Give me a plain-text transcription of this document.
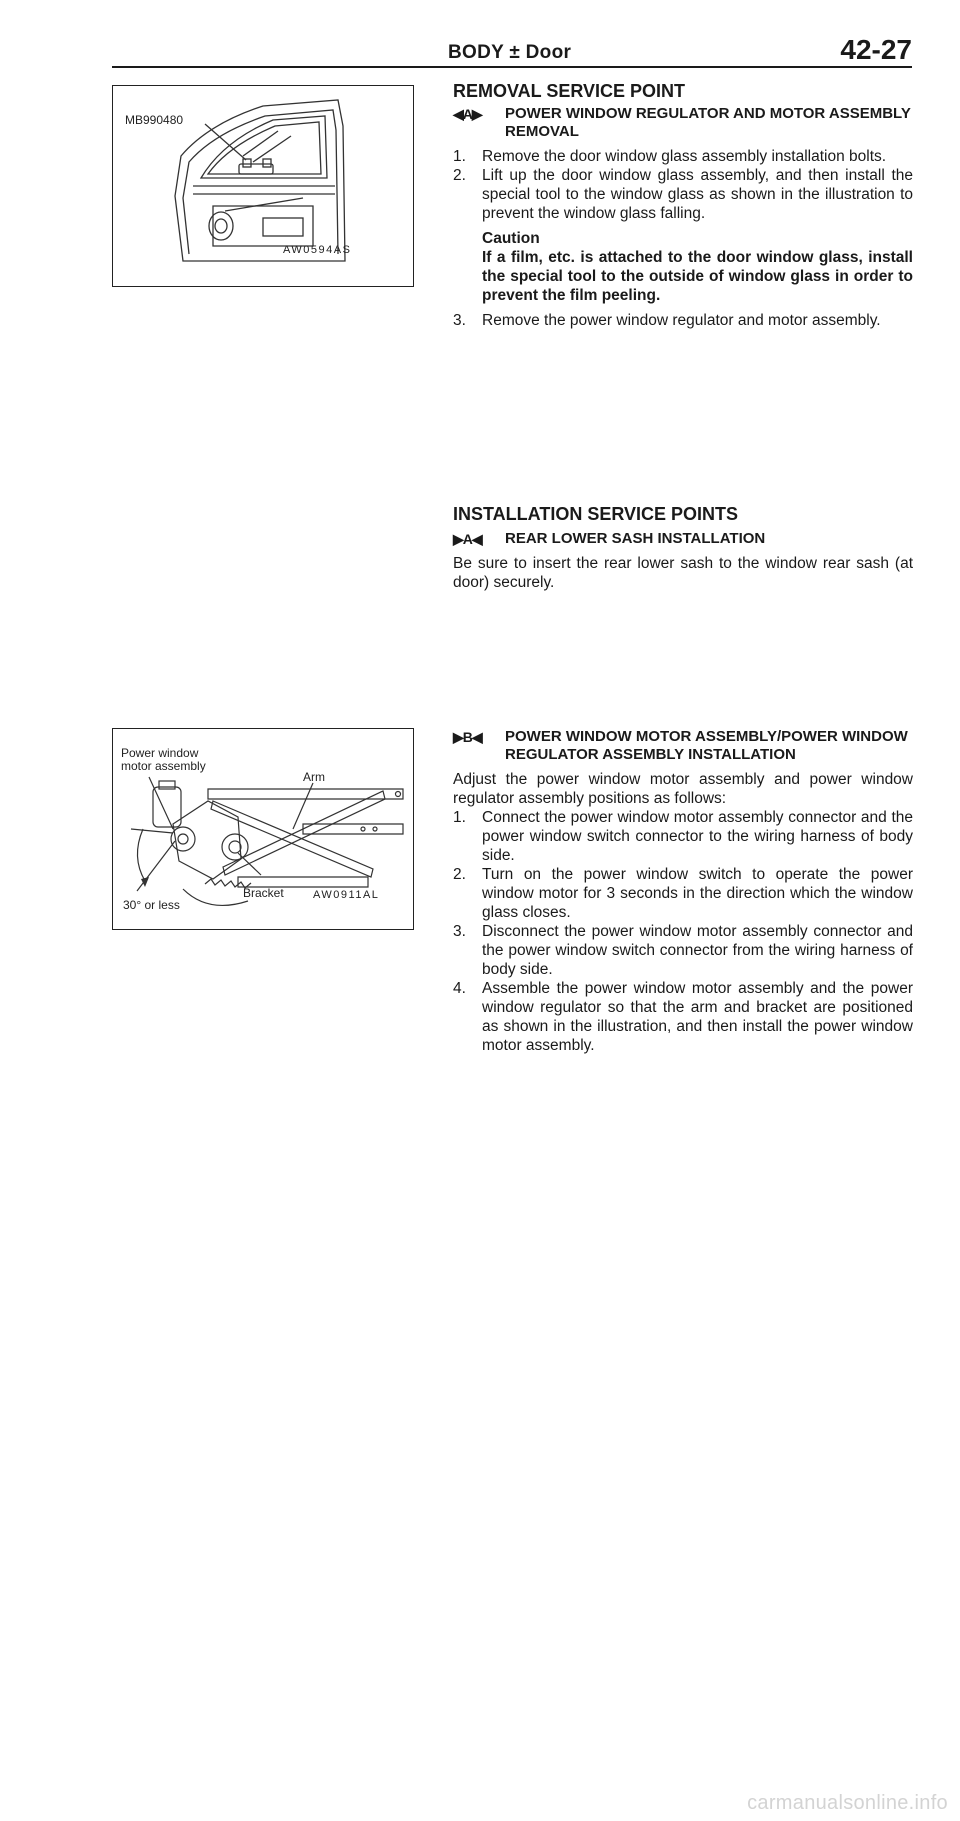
BODY ± Door	42-27
MB990480
AW0594AS
Power window motor assembly
Arm
Bracket
30° or less
AW0911AL
REMOVAL SERVICE POINT
◀A▶ POWER WINDOW REGULATOR AND MOTOR ASSEMBLY REMOVAL
1. Remove the door window glass assembly installation bolts.
2. Lift up the door window glass assembly, and then install the special tool to the window glass as shown in the illustration to prevent the window glass falling.
Caution
If a film, etc. is attached to the door window glass, install the special tool to the outside of window glass in order to prevent the film peeling.
3. Remove the power window regulator and motor assembly.
INSTALLATION SERVICE POINTS
▶A◀ REAR LOWER SASH INSTALLATION
Be sure to insert the rear lower sash to the window rear sash (at door) securely.
▶B◀ POWER WINDOW MOTOR ASSEMBLY/POWER WINDOW REGULATOR ASSEMBLY INSTALLATION
Adjust the power window motor assembly and power window regulator assembly positions as follows:
1. Connect the power window motor assembly connector and the power window switch connector to the wiring harness of body side.
2. Turn on the power window switch to operate the power window motor for 3 seconds in the direction which the window glass closes.
3. Disconnect the power window motor assembly connector and the power window switch connector from the wiring harness of body side.
4. Assemble the power window motor assembly and the power window regulator so that the arm and bracket are positioned as shown in the illustration, and then install the power window motor assembly.
carmanualsonline.info
